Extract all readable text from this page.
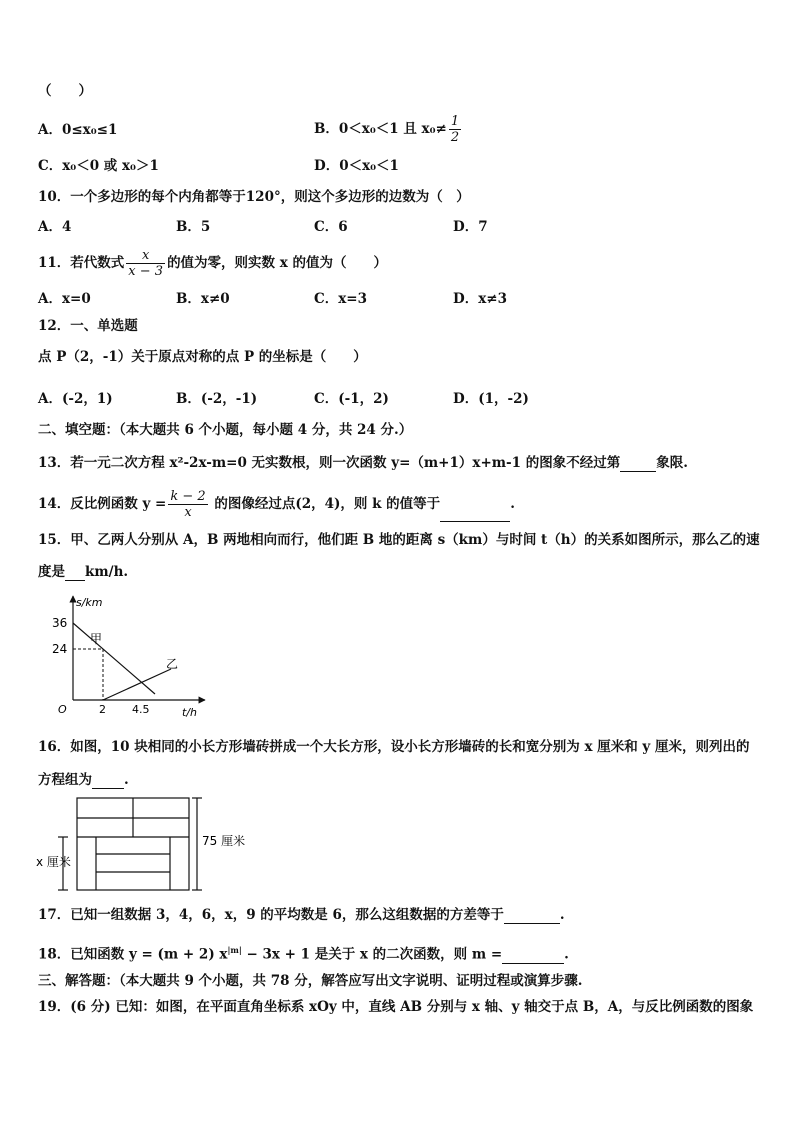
（　　）
A．0≤x₀≤1	B．0＜x₀＜1 且 $x_0\ne \frac{1}{2}$
C．x₀＜0 或 x₀＞1	D．0＜x₀＜1
10．一个多边形的每个内角都等于120°，则这个多边形的边数为（　）
A．4	B．5	C．6	D．7
11．若代数式 $\frac{x}{x - 3}$ 的值为零，则实数 x 的值为（　　）
A．x=0	B．x≠0	C．x=3	D．x≠3
12．一、单选题
点 P（2，-1）关于原点对称的点 P 的坐标是（　　）
A．(-2，1)	B．(-2，-1)	C．(-1，2)	D．(1，-2)
二、填空题：（本大题共 6 个小题，每小题 4 分，共 24 分.）
13．若一元二次方程 x²-2x-m=0 无实数根，则一次函数 y=（m+1）x+m-1 的图象不经过第	象限.
14．反比例函数 $y = \frac{k - 2}{x}$ 的图像经过点(2，4)，则 k 的值等于	.
15．甲、乙两人分别从 A，B 两地相向而行，他们距 B 地的距离 s（km）与时间 t（h）的关系如图所示，那么乙的速
度是 km/h.
s/km
t/h
O
36
24
2 4.5
甲
乙
16．如图，10 块相同的小长方形墙砖拼成一个大长方形，设小长方形墙砖的长和宽分别为 x 厘米和 y 厘米，则列出的
方程组为 .
75 厘米
x 厘米
17．已知一组数据 3，4，6，x，9 的平均数是 6，那么这组数据的方差等于	.
18．已知函数 y = (m + 2) $x^{|m|} - 3x + 1$ 是关于 x 的二次函数，则 m =	.
三、解答题：（本大题共 9 个小题，共 78 分，解答应写出文字说明、证明过程或演算步骤.
19．(6 分) 已知：如图，在平面直角坐标系 xOy 中，直线 AB 分别与 x 轴、y 轴交于点 B，A，与反比例函数的图象
